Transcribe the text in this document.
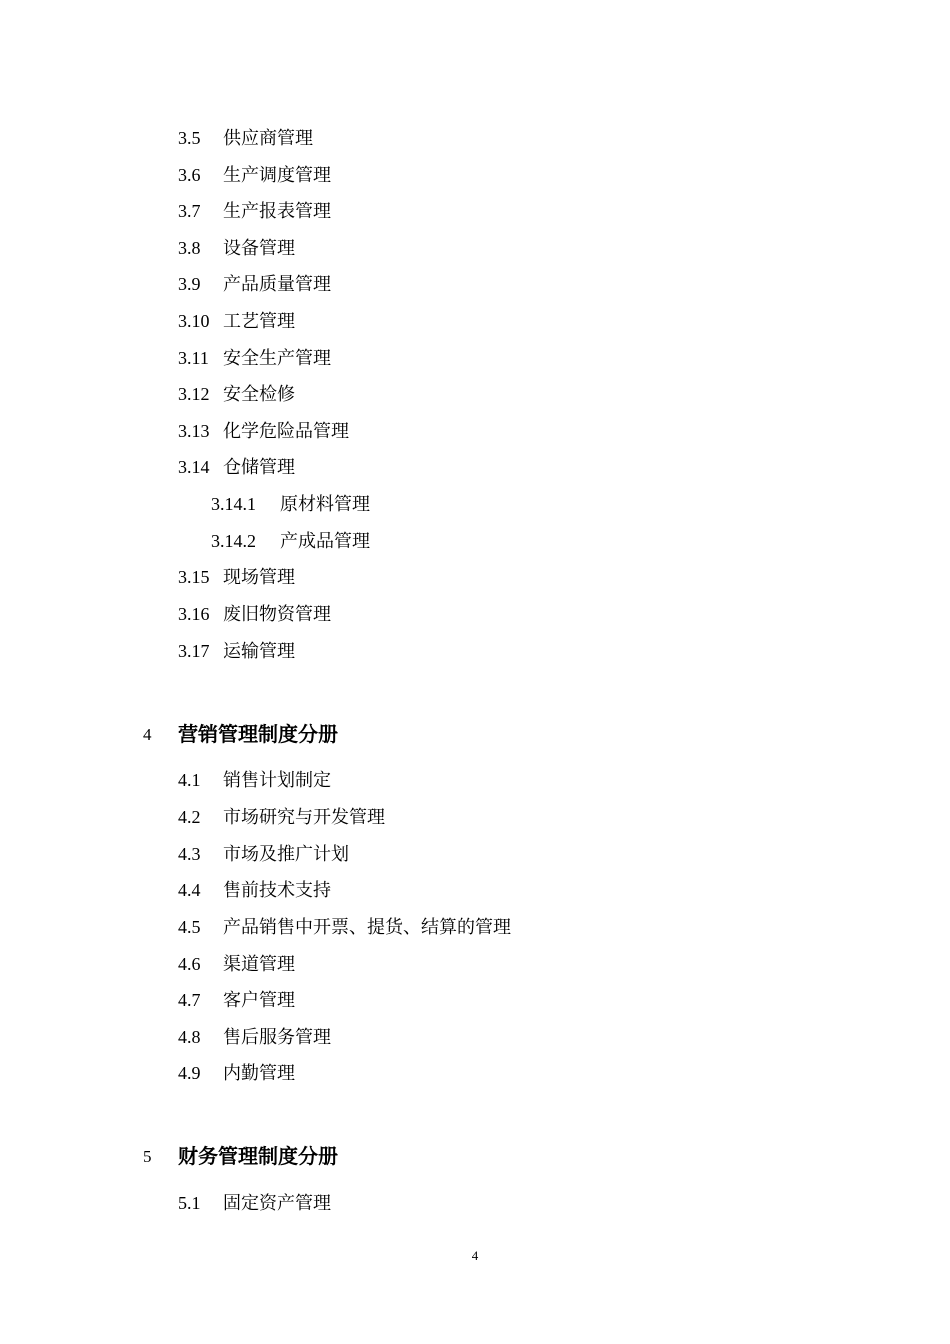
3.5 供应商管理
3.6 生产调度管理
3.7 生产报表管理
3.8 设备管理
3.9 产品质量管理
3.10 工艺管理
3.11 安全生产管理
3.12 安全检修
3.13 化学危险品管理
3.14 仓储管理
3.14.1 原材料管理
3.14.2 产成品管理
3.15 现场管理
3.16 废旧物资管理
3.17 运输管理
4 营销管理制度分册
4.1 销售计划制定
4.2 市场研究与开发管理
4.3 市场及推广计划
4.4 售前技术支持
4.5 产品销售中开票、提货、结算的管理
4.6 渠道管理
4.7 客户管理
4.8 售后服务管理
4.9 内勤管理
5 财务管理制度分册
5.1 固定资产管理
4
